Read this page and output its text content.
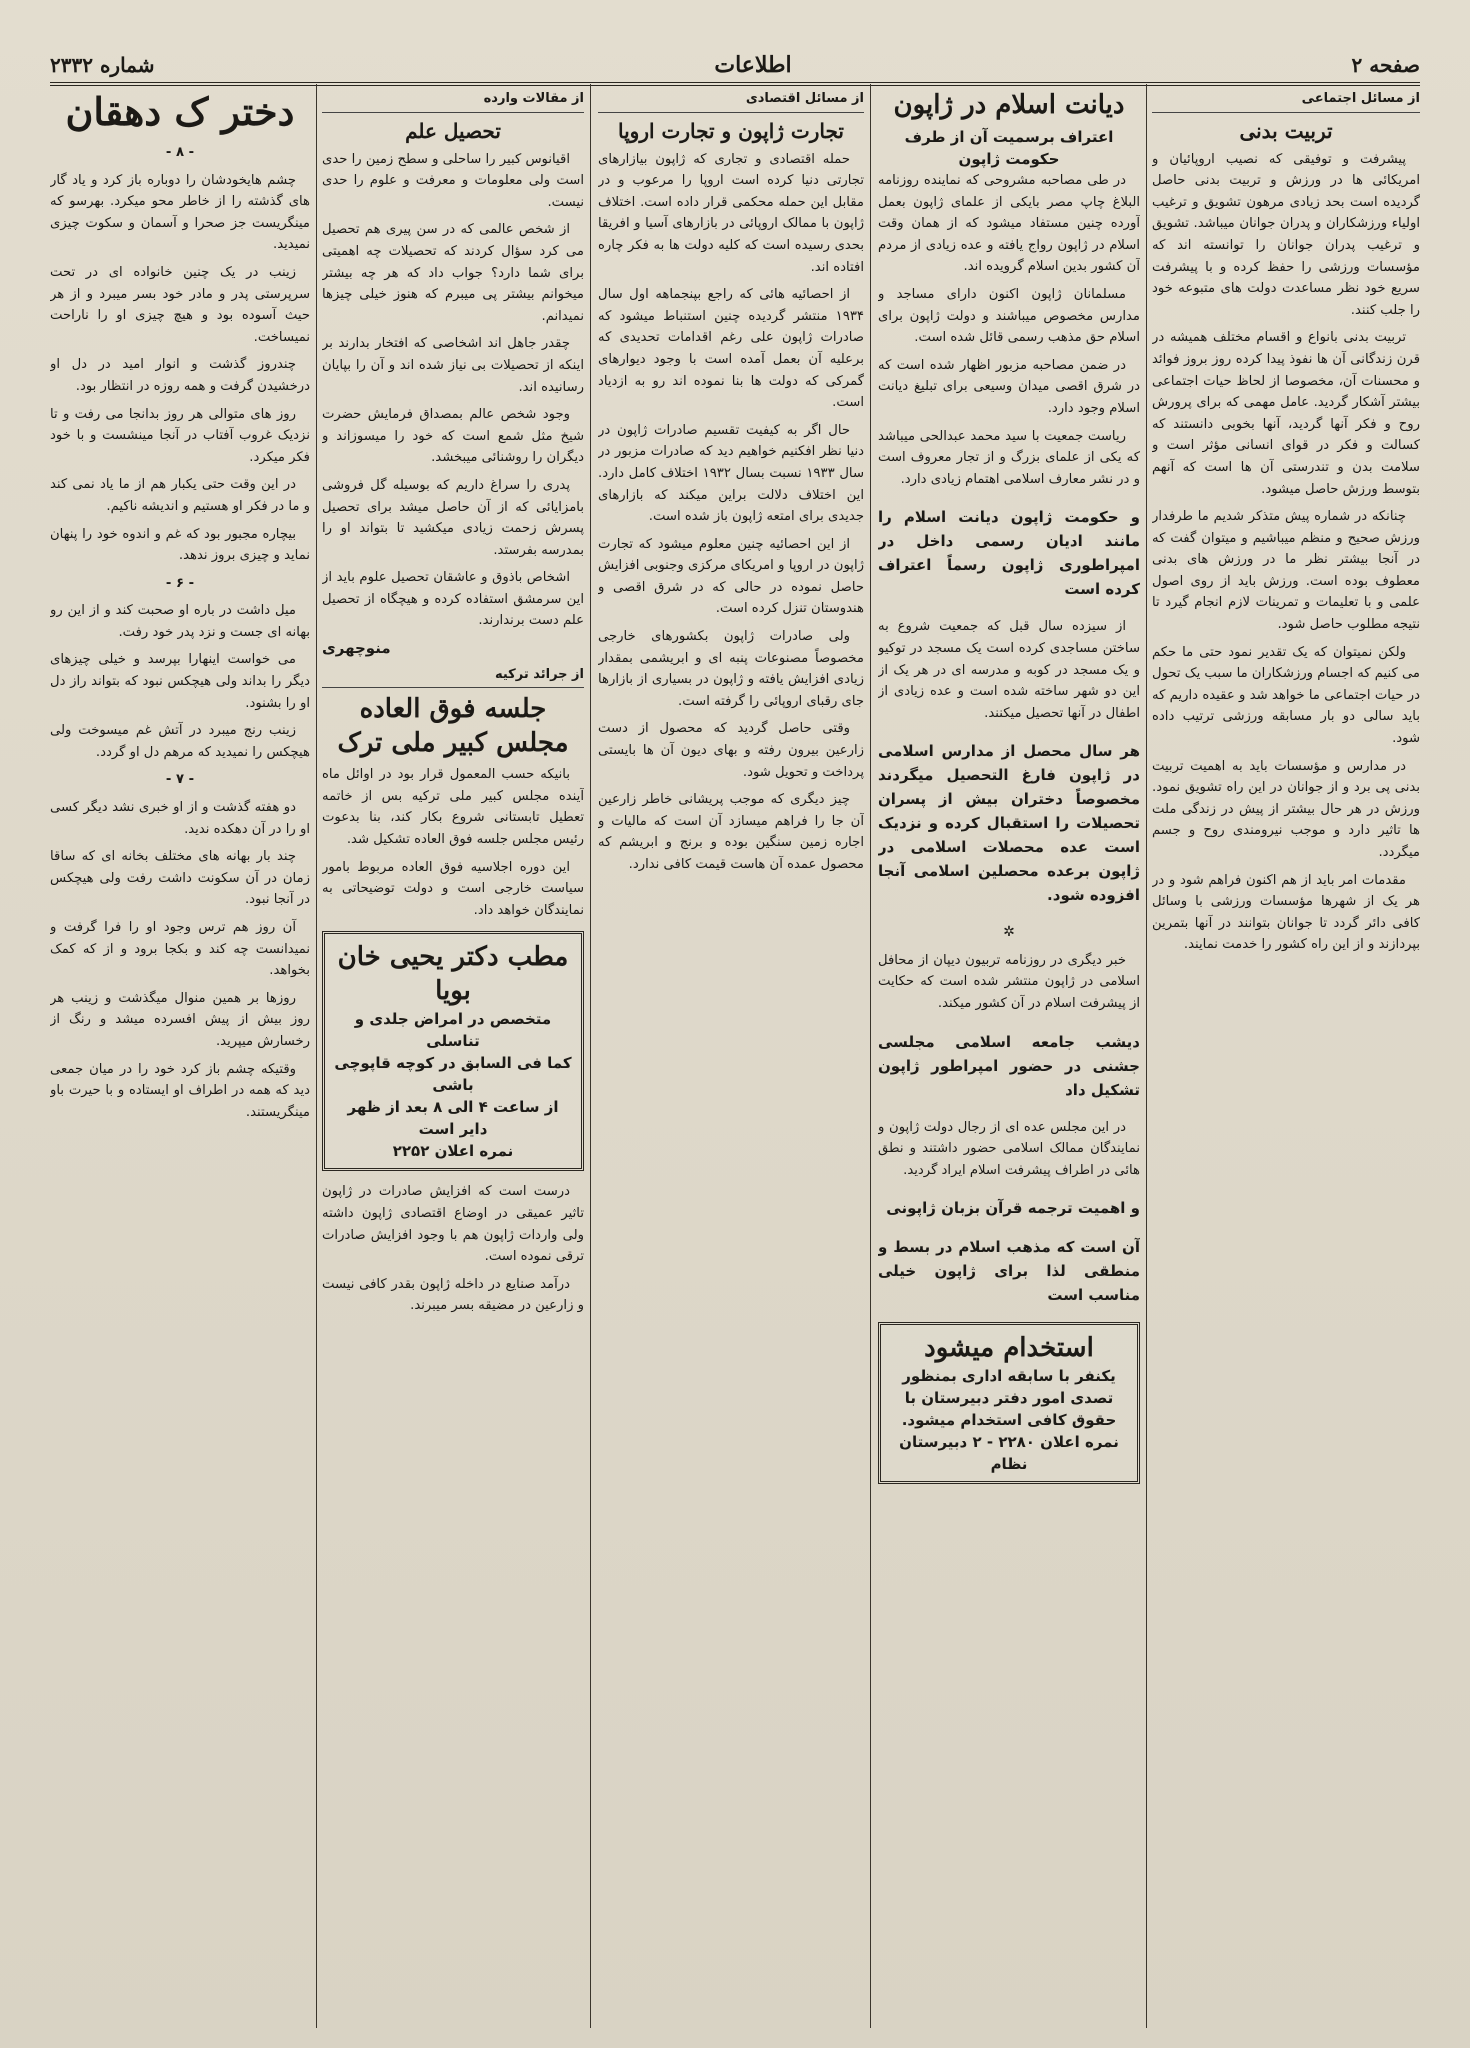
صفحه ۲
اطلاعات
شماره ۲۳۳۲
از مسائل اجتماعی
تربیت بدنی

پیشرفت و توفیقی که نصیب اروپائیان و امریکائی ها در ورزش و تربیت بدنی حاصل گردیده است بحد زیادی مرهون تشویق و ترغیب اولیاء ورزشکاران و پدران جوانان میباشد. تشویق و ترغیب پدران جوانان را توانسته اند که مؤسسات ورزشی را حفظ کرده و با پیشرفت سریع خود نظر مساعدت دولت های متبوعه خود را جلب کنند.

تربیت بدنی بانواع و اقسام مختلف همیشه در قرن زندگانی آن ها نفوذ پیدا کرده روز بروز فوائد و محسنات آن، مخصوصا از لحاظ حیات اجتماعی بیشتر آشکار گردید. عامل مهمی که برای پرورش روح و فکر آنها گردید، آنها بخوبی دانستند که کسالت و فکر در قوای انسانی مؤثر است و سلامت بدن و تندرستی آن ها است که آنهم بتوسط ورزش حاصل میشود.

چنانکه در شماره پیش متذکر شدیم ما طرفدار ورزش صحیح و منظم میباشیم و میتوان گفت که در آنجا بیشتر نظر ما در ورزش های بدنی معطوف بوده است. ورزش باید از روی اصول علمی و با تعلیمات و تمرینات لازم انجام گیرد تا نتیجه مطلوب حاصل شود.

ولکن نمیتوان که یک تقدیر نمود حتی ما حکم می کنیم که اجسام ورزشکاران ما سبب یک تحول در حیات اجتماعی ما خواهد شد و عقیده داریم که باید سالی دو بار مسابقه ورزشی ترتیب داده شود.

در مدارس و مؤسسات باید به اهمیت تربیت بدنی پی برد و از جوانان در این راه تشویق نمود. ورزش در هر حال بیشتر از پیش در زندگی ملت ها تاثیر دارد و موجب نیرومندی روح و جسم میگردد.

مقدمات امر باید از هم اکنون فراهم شود و در هر یک از شهرها مؤسسات ورزشی با وسائل کافی دائر گردد تا جوانان بتوانند در آنها بتمرین بپردازند و از این راه کشور را خدمت نمایند.

دیانت اسلام در ژاپون
اعتراف برسمیت آن از طرف حکومت ژاپون

در طی مصاحبه مشروحی که نماینده روزنامه البلاغ چاپ مصر بایکی از علمای ژاپون بعمل آورده چنین مستفاد میشود که از همان وقت اسلام در ژاپون رواج یافته و عده زیادی از مردم آن کشور بدین اسلام گرویده اند.

مسلمانان ژاپون اکنون دارای مساجد و مدارس مخصوص میباشند و دولت ژاپون برای اسلام حق مذهب رسمی قائل شده است.

در ضمن مصاحبه مزبور اظهار شده است که در شرق اقصی میدان وسیعی برای تبلیغ دیانت اسلام وجود دارد.

ریاست جمعیت با سید محمد عبدالحی میباشد که یکی از علمای بزرگ و از تجار معروف است و در نشر معارف اسلامی اهتمام زیادی دارد.

و حکومت ژاپون دیانت اسلام را مانند ادیان رسمی داخل در امپراطوری ژاپون رسماً اعتراف کرده است

از سیزده سال قبل که جمعیت شروع به ساختن مساجدی کرده است یک مسجد در توکیو و یک مسجد در کوبه و مدرسه ای در هر یک از این دو شهر ساخته شده است و عده زیادی از اطفال در آنها تحصیل میکنند.

هر سال محصل از مدارس اسلامی در ژاپون فارغ التحصیل میگردند مخصوصاً دختران بیش از پسران تحصیلات را استقبال کرده و نزدیک است عده محصلات اسلامی در ژاپون برعده محصلین اسلامی آنجا افزوده شود.

✲

خبر دیگری در روزنامه تربیون دیپان از محافل اسلامی در ژاپون منتشر شده است که حکایت از پیشرفت اسلام در آن کشور میکند.

دیشب جامعه اسلامی مجلسی جشنی در حضور امپراطور ژاپون تشکیل داد

در این مجلس عده ای از رجال دولت ژاپون و نمایندگان ممالک اسلامی حضور داشتند و نطق هائی در اطراف پیشرفت اسلام ایراد گردید.

و اهمیت ترجمه قرآن بزبان ژاپونی

آن است که مذهب اسلام در بسط و منطقی لذا برای ژاپون خیلی مناسب است

استخدام میشود
یکنفر با سابقه اداری بمنظور تصدی امور دفتر دبیرستان با حقوق کافی استخدام میشود. نمره اعلان ۲۲۸۰ - ۲ دبیرستان نظام
از مسائل اقتصادی
تجارت ژاپون و تجارت اروپا

حمله اقتصادی و تجاری که ژاپون بیازارهای تجارتی دنیا کرده است اروپا را مرعوب و در مقابل این حمله محکمی قرار داده است. اختلاف ژاپون با ممالک اروپائی در بازارهای آسیا و افریقا بحدی رسیده است که کلیه دولت ها به فکر چاره افتاده اند.

از احصائیه هائی که راجع بپنجماهه اول سال ۱۹۳۴ منتشر گردیده چنین استنباط میشود که صادرات ژاپون علی رغم اقدامات تحدیدی که برعلیه آن بعمل آمده است با وجود دیوارهای گمرکی که دولت ها بنا نموده اند رو به ازدیاد است.

حال اگر به کیفیت تقسیم صادرات ژاپون در دنیا نظر افکنیم خواهیم دید که صادرات مزبور در سال ۱۹۳۳ نسبت بسال ۱۹۳۲ اختلاف کامل دارد. این اختلاف دلالت براین میکند که بازارهای جدیدی برای امتعه ژاپون باز شده است.

از این احصائیه چنین معلوم میشود که تجارت ژاپون در اروپا و امریکای مرکزی وجنوبی افزایش حاصل نموده در حالی که در شرق اقصی و هندوستان تنزل کرده است.

ولی صادرات ژاپون بکشورهای خارجی مخصوصاً مصنوعات پنبه ای و ابریشمی بمقدار زیادی افزایش یافته و ژاپون در بسیاری از بازارها جای رقبای اروپائی را گرفته است.

وقتی حاصل گردید که محصول از دست زارعین بیرون رفته و بهای دیون آن ها بایستی پرداخت و تحویل شود.

چیز دیگری که موجب پریشانی خاطر زارعین آن جا را فراهم میسازد آن است که مالیات و اجاره زمین سنگین بوده و برنج و ابریشم که محصول عمده آن هاست قیمت کافی ندارد.

از مقالات وارده
تحصیل علم

اقیانوس کبیر را ساحلی و سطح زمین را حدی است ولی معلومات و معرفت و علوم را حدی نیست.

از شخص عالمی که در سن پیری هم تحصیل می کرد سؤال کردند که تحصیلات چه اهمیتی برای شما دارد؟ جواب داد که هر چه بیشتر میخوانم بیشتر پی میبرم که هنوز خیلی چیزها نمیدانم.

چقدر جاهل اند اشخاصی که افتخار بدارند بر اینکه از تحصیلات بی نیاز شده اند و آن را بپایان رسانیده اند.

وجود شخص عالم بمصداق فرمایش حضرت شیخ مثل شمع است که خود را میسوزاند و دیگران را روشنائی میبخشد.

پدری را سراغ داریم که بوسیله گل فروشی بامزایائی که از آن حاصل میشد برای تحصیل پسرش زحمت زیادی میکشید تا بتواند او را بمدرسه بفرستد.

اشخاص باذوق و عاشقان تحصیل علوم باید از این سرمشق استفاده کرده و هیچگاه از تحصیل علم دست برندارند.

منوچهری
از جرائد ترکیه
جلسه فوق العاده مجلس کبیر ملی ترک

بانیکه حسب المعمول قرار بود در اوائل ماه آینده مجلس کبیر ملی ترکیه بس از خاتمه تعطیل تابستانی شروع بکار کند، بنا بدعوت رئیس مجلس جلسه فوق العاده تشکیل شد.

این دوره اجلاسیه فوق العاده مربوط بامور سیاست خارجی است و دولت توضیحاتی به نمایندگان خواهد داد.

مطب دکتر یحیی خان بویا
متخصص در امراض جلدی و تناسلی
کما فی السابق در کوچه قاپوچی باشی
از ساعت ۴ الی ۸ بعد از ظهر دایر است
نمره اعلان ۲۲۵۲

درست است که افزایش صادرات در ژاپون تاثیر عمیقی در اوضاع اقتصادی ژاپون داشته ولی واردات ژاپون هم با وجود افزایش صادرات ترقی نموده است.

درآمد صنایع در داخله ژاپون بقدر کافی نیست و زارعین در مضیقه بسر میبرند.

دختر ک دهقان
- ۸ -

چشم هایخودشان را دوباره باز کرد و یاد گار های گذشته را از خاطر محو میکرد. بهرسو که مینگریست جز صحرا و آسمان و سکوت چیزی نمیدید.

زینب در یک چنین خانواده ای در تحت سرپرستی پدر و مادر خود بسر میبرد و از هر حیث آسوده بود و هیچ چیزی او را ناراحت نمیساخت.

چندروز گذشت و انوار امید در دل او درخشیدن گرفت و همه روزه در انتظار بود.

روز های متوالی هر روز بدانجا می رفت و تا نزدیک غروب آفتاب در آنجا مینشست و با خود فکر میکرد.

در این وقت حتی یکبار هم از ما یاد نمی کند و ما در فکر او هستیم و اندیشه ناکیم.

بیچاره مجبور بود که غم و اندوه خود را پنهان نماید و چیزی بروز ندهد.

- ۶ -

میل داشت در باره او صحبت کند و از این رو بهانه ای جست و نزد پدر خود رفت.

می خواست اینهارا بپرسد و خیلی چیزهای دیگر را بداند ولی هیچکس نبود که بتواند راز دل او را بشنود.

زینب رنج میبرد در آتش غم میسوخت ولی هیچکس را نمیدید که مرهم دل او گردد.

- ۷ -

دو هفته گذشت و از او خبری نشد دیگر کسی او را در آن دهکده ندید.

چند بار بهانه های مختلف بخانه ای که ساقا زمان در آن سکونت داشت رفت ولی هیچکس در آنجا نبود.

آن روز هم ترس وجود او را فرا گرفت و نمیدانست چه کند و بکجا برود و از که کمک بخواهد.

روزها بر همین منوال میگذشت و زینب هر روز بیش از پیش افسرده میشد و رنگ از رخسارش میپرید.

وقتیکه چشم باز کرد خود را در میان جمعی دید که همه در اطراف او ایستاده و با حیرت باو مینگریستند.
